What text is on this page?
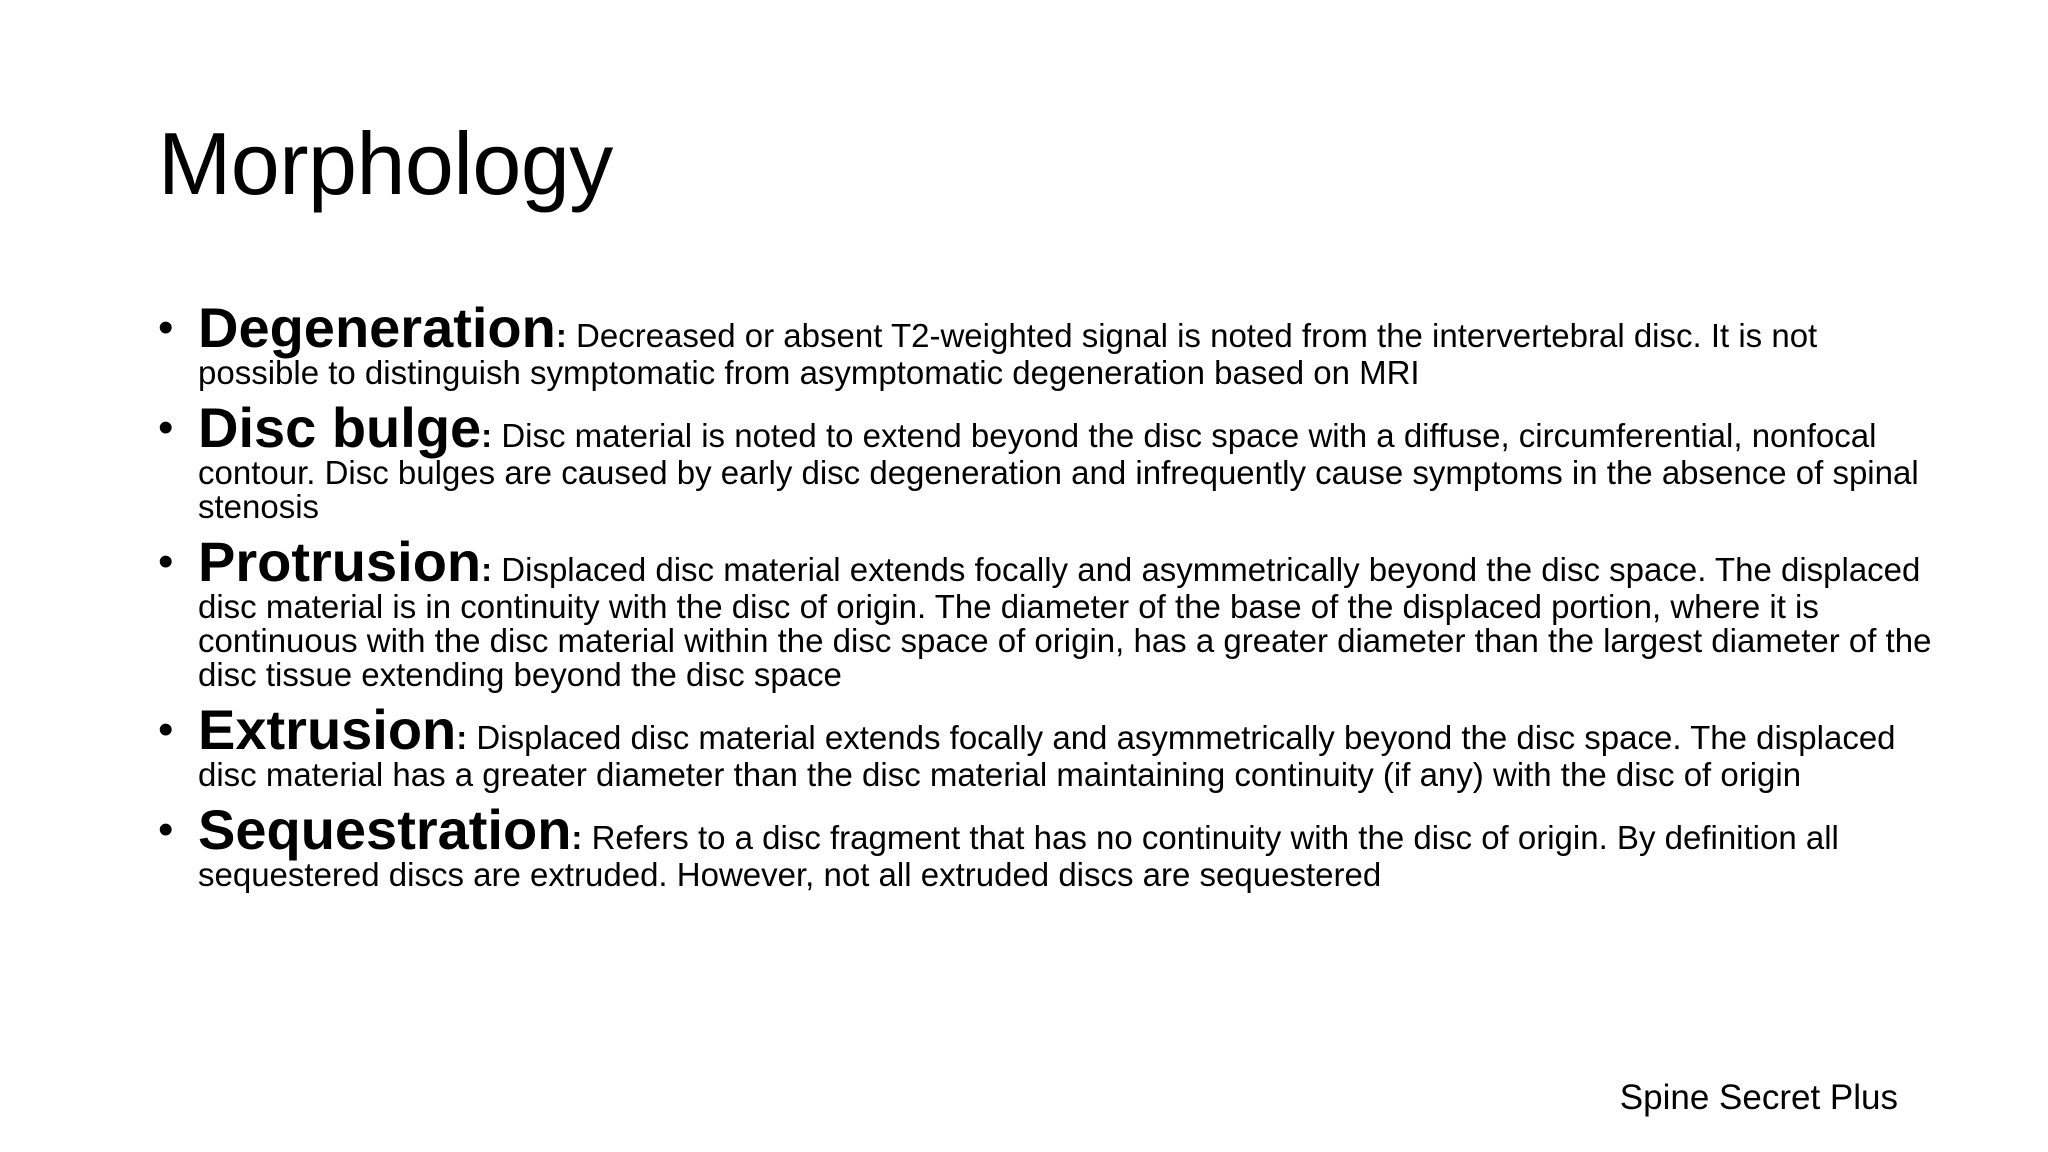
Morphology
• Degeneration: Decreased or absent T2-weighted signal is noted from the intervertebral disc. It is not possible to distinguish symptomatic from asymptomatic degeneration based on MRI
• Disc bulge: Disc material is noted to extend beyond the disc space with a diffuse, circumferential, nonfocal contour. Disc bulges are caused by early disc degeneration and infrequently cause symptoms in the absence of spinal stenosis
• Protrusion: Displaced disc material extends focally and asymmetrically beyond the disc space. The displaced disc material is in continuity with the disc of origin. The diameter of the base of the displaced portion, where it is continuous with the disc material within the disc space of origin, has a greater diameter than the largest diameter of the disc tissue extending beyond the disc space
• Extrusion: Displaced disc material extends focally and asymmetrically beyond the disc space. The displaced disc material has a greater diameter than the disc material maintaining continuity (if any) with the disc of origin
• Sequestration: Refers to a disc fragment that has no continuity with the disc of origin. By definition all sequestered discs are extruded. However, not all extruded discs are sequestered
Spine Secret Plus
